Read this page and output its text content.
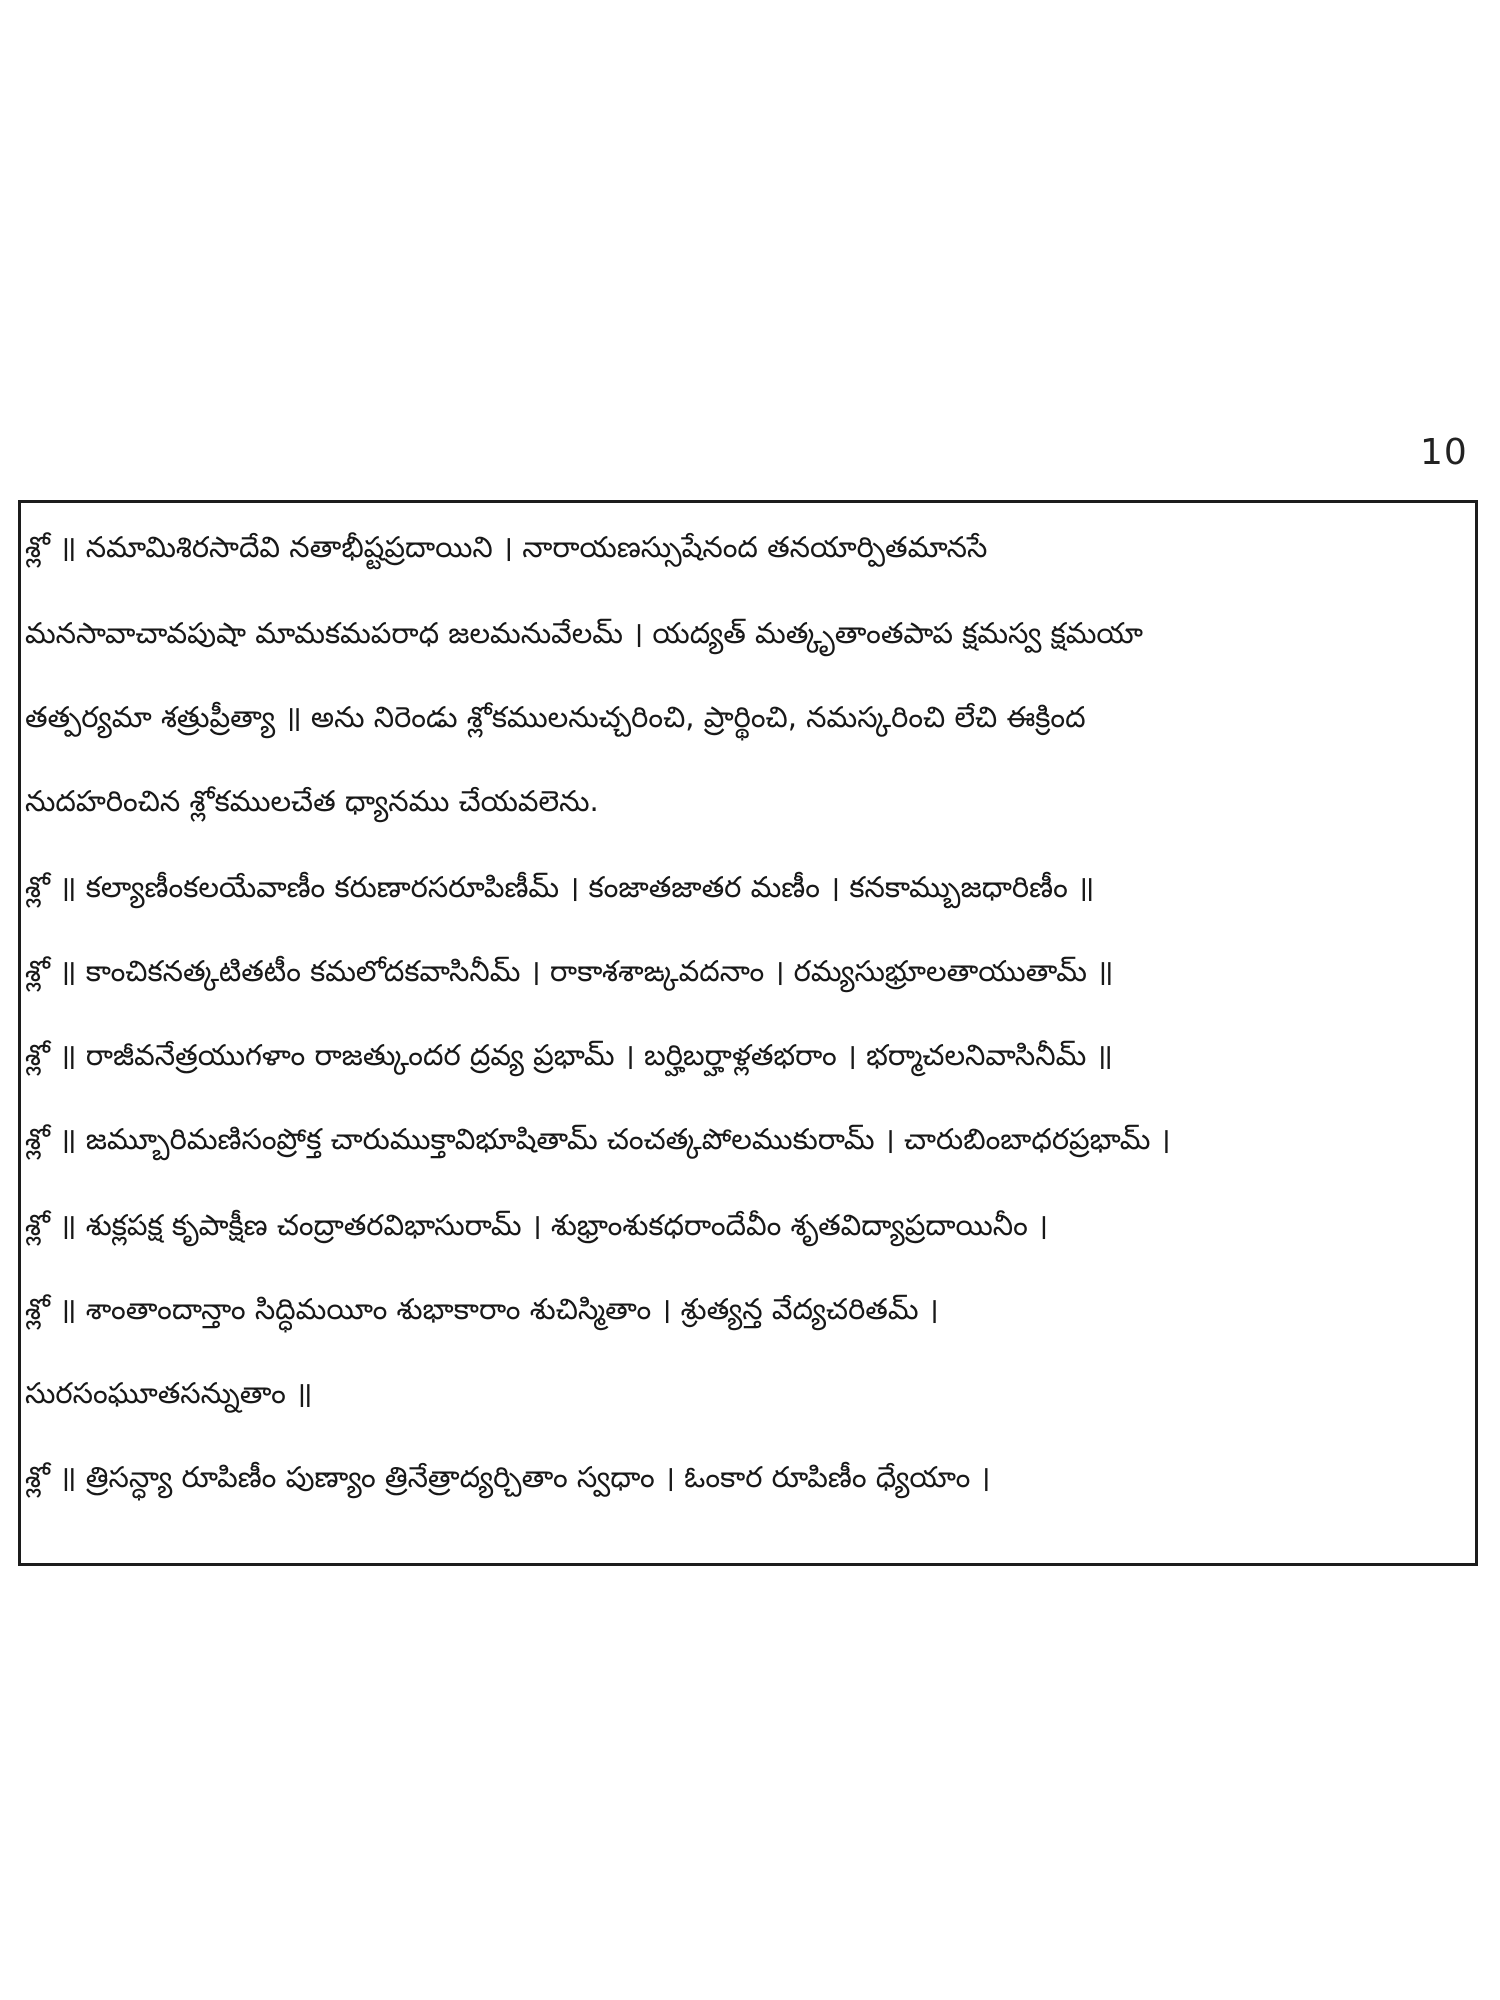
10
శ్లో ॥ నమామిశిరసాదేవి నతాభీష్టప్రదాయిని । నారాయణస్సుషేనంద తనయార్పితమానసే
మనసావాచావపుషా మామకమపరాధ జలమనువేలమ్ । యద్యత్ మత్కృతాంతపాప క్షమస్వ క్షమయా
తత్పర్యమా శత్రుప్రీత్యా ॥ అను నిరెండు శ్లోకములనుచ్చరించి, ప్రార్థించి, నమస్కరించి లేచి ఈక్రింద
నుదహరించిన శ్లోకములచేత ధ్యానము చేయవలెను.
శ్లో ॥ కల్యాణీంకలయేవాణీం కరుణారసరూపిణీమ్ । కంజాతజాతర మణీం । కనకామ్బుజధారిణీం ॥
శ్లో ॥ కాంచికనత్కటితటీం కమలోదకవాసినీమ్ । రాకాశశాఙ్కవదనాం । రమ్యసుభ్రూలతాయుతామ్ ॥
శ్లో ॥ రాజీవనేత్రయుగళాం రాజత్కుందర ద్రవ్య ప్రభామ్ । బర్హిబర్హాళ్లతభరాం । భర్మాచలనివాసినీమ్ ॥
శ్లో ॥ జమ్బూరిమణిసంప్రోక్త చారుముక్తావిభూషితామ్ చంచత్కపోలముకురామ్ । చారుబింబాధరప్రభామ్ ।
శ్లో ॥ శుక్లపక్ష కృపాక్షీణ చంద్రాతరవిభాసురామ్ । శుభ్రాంశుకధరాందేవీం శృతవిద్యాప్రదాయినీం ।
శ్లో ॥ శాంతాందాన్తాం సిద్ధిమయీం శుభాకారాం శుచిస్మితాం । శ్రుత్యన్త వేద్యచరితమ్ ।
సురసంఘూతసన్నుతాం ॥
శ్లో ॥ త్రిసన్ధ్యా రూపిణీం పుణ్యాం త్రినేత్రాద్యర్చితాం స్వధాం । ఓంకార రూపిణీం ధ్యేయాం ।
